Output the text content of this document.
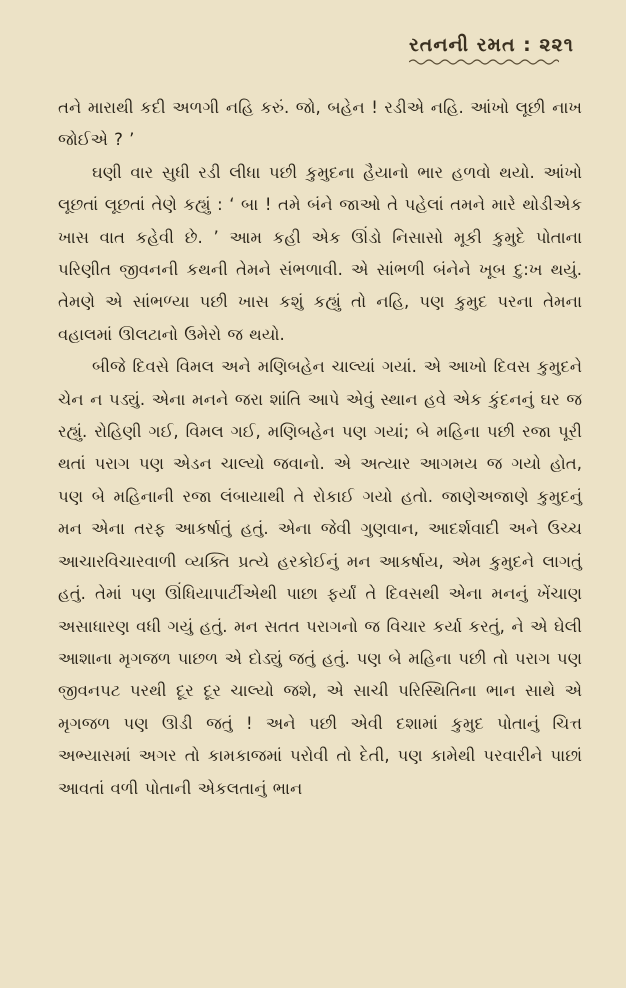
રતનની રમત : ૨૨૧

તને મારાથી કદી અળગી નહિ કરું. જો, બહેન ! રડીએ નહિ. આંખો લૂછી નાખ જોઈએ ? ’

ઘણી વાર સુધી રડી લીધા પછી કુમુદના હૈયાનો ભાર હળવો થયો. આંખો લૂછતાં લૂછતાં તેણે કહ્યું : ‘ બા ! તમે બંને જાઓ તે પહેલાં તમને મારે થોડીએક ખાસ વાત કહેવી છે. ’ આમ કહી એક ઊંડો નિસાસો મૂકી કુમુદે પોતાના પરિણીત જીવનની કથની તેમને સંભળાવી. એ સાંભળી બંનેને ખૂબ દુ:ખ થયું. તેમણે એ સાંભળ્યા પછી ખાસ કશું કહ્યું તો નહિ, પણ કુમુદ પરના તેમના વહાલમાં ઊલટાનો ઉમેરો જ થયો.

બીજે દિવસે વિમલ અને મણિબહેન ચાલ્યાં ગયાં. એ આખો દિવસ કુમુદને ચેન ન પડ્યું. એના મનને જરા શાંતિ આપે એવું સ્થાન હવે એક કુંદનનું ઘર જ રહ્યું. રોહિણી ગઈ, વિમલ ગઈ, મણિબહેન પણ ગયાં; બે મહિના પછી રજા પૂરી થતાં પરાગ પણ એડન ચાલ્યો જવાનો. એ અત્યાર આગમય જ ગયો હોત, પણ બે મહિનાની રજા લંબાયાથી તે રોકાઈ ગયો હતો. જાણેઅજાણે કુમુદનું મન એના તરફ આકર્ષાતું હતું. એના જેવી ગુણવાન, આદર્શવાદી અને ઉચ્ચ આચારવિચારવાળી વ્યક્તિ પ્રત્યે હરકોઈનું મન આકર્ષાય, એમ કુમુદને લાગતું હતું. તેમાં પણ ઊંધિયાપાર્ટીએથી પાછા ફર્યાં તે દિવસથી એના મનનું ખેંચાણ અસાધારણ વધી ગયું હતું. મન સતત પરાગનો જ વિચાર કર્યા કરતું, ને એ ઘેલી આશાના મૃગજળ પાછળ એ દોડ્યું જતું હતું. પણ બે મહિના પછી તો પરાગ પણ જીવનપટ પરથી દૂર દૂર ચાલ્યો જશે, એ સાચી પરિસ્થિતિના ભાન સાથે એ મૃગજળ પણ ઊડી જતું ! અને પછી એવી દશામાં કુમુદ પોતાનું ચિત્ત અભ્યાસમાં અગર તો કામકાજમાં પરોવી તો દેતી, પણ કામેથી પરવારીને પાછાં આવતાં વળી પોતાની એકલતાનું ભાન
